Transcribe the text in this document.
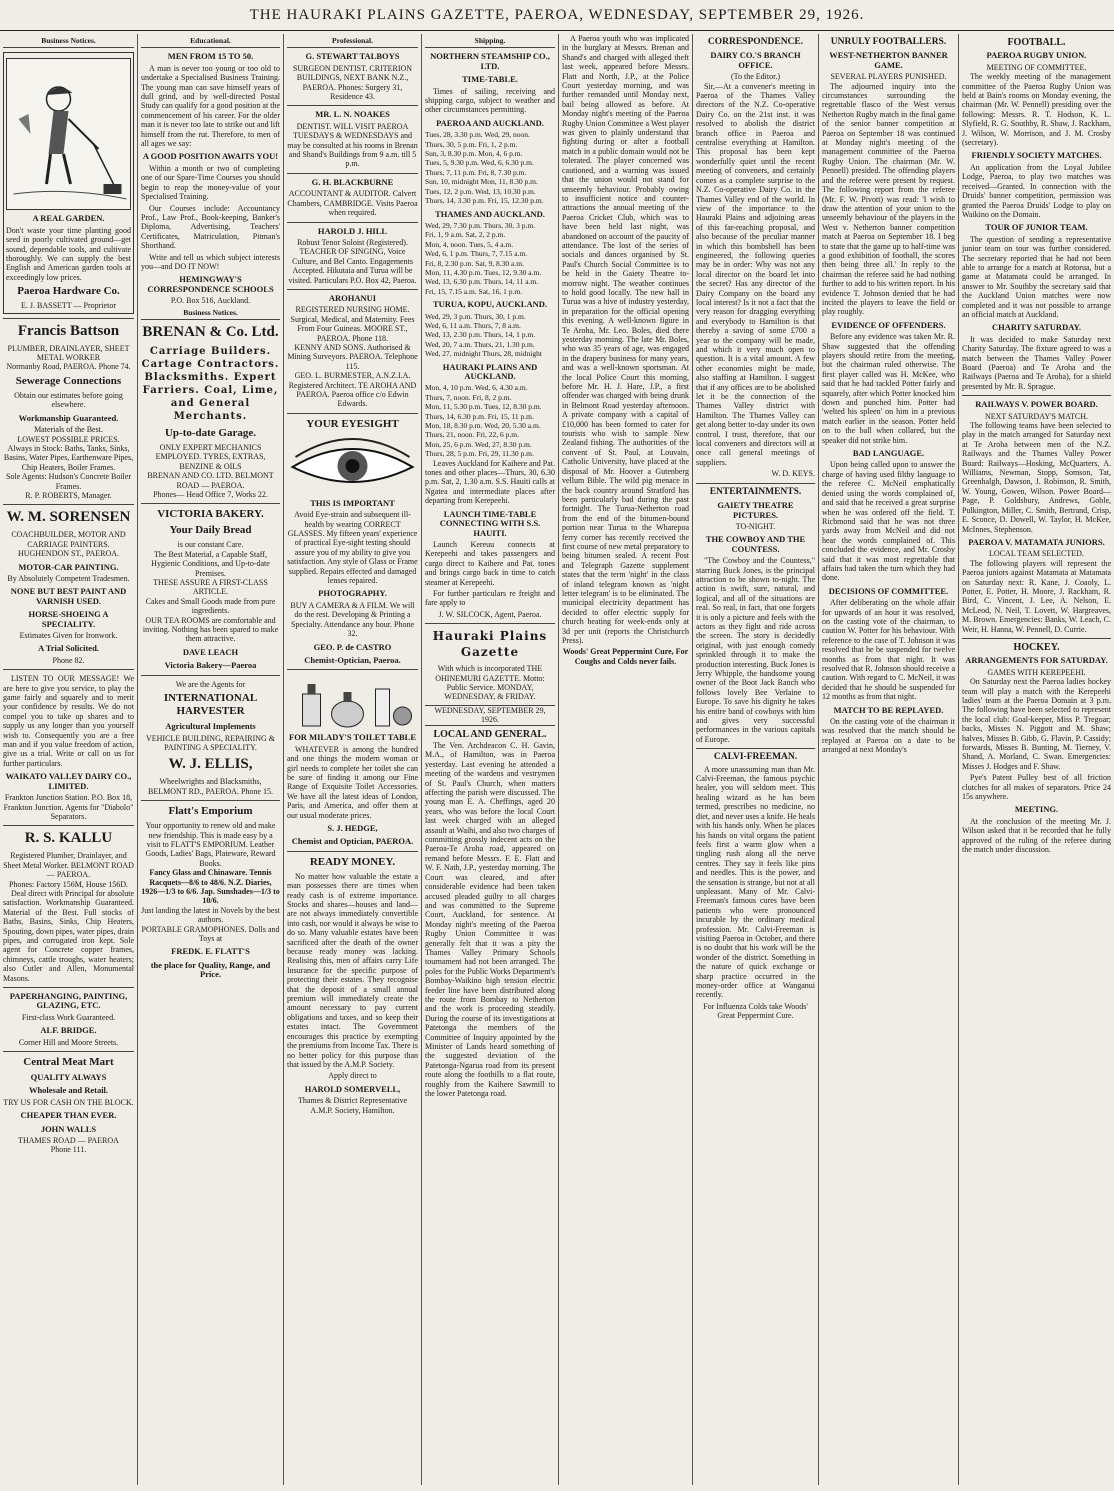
THE HAURAKI PLAINS GAZETTE, PAEROA, WEDNESDAY, SEPTEMBER 29, 1926.
Business Notices.
A REAL GARDEN.
Don't waste your time planting good seed in poorly cultivated ground—get sound, dependable tools, and cultivate thoroughly. We can supply the best English and American garden tools at exceedingly low prices.
Paeroa Hardware Co.
E. J. BASSETT — Proprietor
Francis Battson
PLUMBER, DRAINLAYER, SHEET METAL WORKER
Normanby Road, PAEROA. Phone 74.
Sewerage Connections
Obtain our estimates before going elsewhere.
Workmanship Guaranteed.
Materials of the Best.
LOWEST POSSIBLE PRICES.
Always in Stock: Baths, Tanks, Sinks, Basins, Water Pipes, Earthenware Pipes, Chip Heaters, Boiler Frames.
Sole Agents: Hudson's Concrete Boiler Frames.
R. P. ROBERTS, Manager.
W. M. SORENSEN
COACHBUILDER, MOTOR AND CARRIAGE PAINTERS. HUGHENDON ST., PAEROA.
MOTOR-CAR PAINTING.
By Absolutely Competent Tradesmen.
NONE BUT BEST PAINT AND VARNISH USED.
HORSE-SHOEING A SPECIALITY.
Estimates Given for Ironwork.
A Trial Solicited.
Phone 82.
LISTEN TO OUR MESSAGE! We are here to give you service, to play the game fairly and squarely and to merit your confidence by results. We do not compel you to take up shares and to supply us any longer than you yourself wish to. Consequently you are a free man and if you value freedom of action, give us a trial. Write or call on us for further particulars.
WAIKATO VALLEY DAIRY CO., LIMITED.
Frankton Junction Station. P.O. Box 18, Frankton Junction. Agents for "Diabolo" Separators.
R. S. KALLU
Registered Plumber, Drainlayer, and Sheet Metal Worker. BELMONT ROAD — PAEROA.
Phones: Factory 156M, House 156D.
Deal direct with Principal for absolute satisfaction. Workmanship Guaranteed. Material of the Best. Full stocks of Baths, Basins, Sinks, Chip Heaters, Spouting, down pipes, water pipes, drain pipes, and corrugated iron kept. Sole agent for Concrete copper frames, chimneys, cattle troughs, water heaters; also Cutler and Allen, Monumental Masons.
PAPERHANGING, PAINTING, GLAZING, ETC.
First-class Work Guaranteed.
ALF. BRIDGE.
Corner Hill and Moore Streets.
Central Meat Mart
QUALITY ALWAYS
Wholesale and Retail.
TRY US FOR CASH ON THE BLOCK.
CHEAPER THAN EVER.
JOHN WALLS
THAMES ROAD — PAEROA
Phone 111.
Educational.
MEN FROM 15 TO 50.
A man is never too young or too old to undertake a Specialised Business Training. The young man can save himself years of dull grind, and by well-directed Postal Study can qualify for a good position at the commencement of his career. For the older man it is never too late to strike out and lift himself from the rut. Therefore, to men of all ages we say:
A GOOD POSITION AWAITS YOU!
Within a month or two of completing one of our Spare-Time Courses you should begin to reap the money-value of your Specialised Training.
Our Courses include: Accountancy Prof., Law Prof., Book-keeping, Banker's Diploma, Advertising, Teachers' Certificates, Matriculation, Pitman's Shorthand.
Write and tell us which subject interests you—and DO IT NOW!
HEMINGWAY'S CORRESPONDENCE SCHOOLS
P.O. Box 516, Auckland.
Business Notices.
BRENAN & Co. Ltd.
Carriage Builders. Cartage Contractors. Blacksmiths. Expert Farriers. Coal, Lime, and General Merchants.
Up-to-date Garage.
ONLY EXPERT MECHANICS EMPLOYED. TYRES, EXTRAS, BENZINE & OILS
BRENAN AND CO. LTD. BELMONT ROAD — PAEROA.
Phones— Head Office 7, Works 22.
VICTORIA BAKERY.
Your Daily Bread
is our constant Care.
The Best Material, a Capable Staff, Hygienic Conditions, and Up-to-date Premises.
THESE ASSURE A FIRST-CLASS ARTICLE.
Cakes and Small Goods made from pure ingredients.
OUR TEA ROOMS are comfortable and inviting. Nothing has been spared to make them attractive.
DAVE LEACH
Victoria Bakery—Paeroa
We are the Agents for
INTERNATIONAL HARVESTER
Agricultural Implements
VEHICLE BUILDING, REPAIRING & PAINTING A SPECIALITY.
W. J. ELLIS,
Wheelwrights and Blacksmiths, BELMONT RD., PAEROA. Phone 15.
Flatt's Emporium
Your opportunity to renew old and make new friendship. This is made easy by a visit to FLATT'S EMPORIUM. Leather Goods, Ladies' Bags, Plateware, Reward Books.
Fancy Glass and Chinaware. Tennis Racquets—8/6 to 48/6. N.Z. Diaries, 1926—1/3 to 6/6. Jap. Sunshades—1/3 to 10/6.
Just landing the latest in Novels by the best authors.
PORTABLE GRAMOPHONES. Dolls and Toys at
FREDK. E. FLATT'S
the place for Quality, Range, and Price.
Professional.
G. STEWART TALBOYS
SURGEON DENTIST. CRITERION BUILDINGS, NEXT BANK N.Z., PAEROA. Phones: Surgery 31, Residence 43.
MR. L. N. NOAKES
DENTIST. WILL VISIT PAEROA TUESDAYS & WEDNESDAYS and may be consulted at his rooms in Brenan and Shand's Buildings from 9 a.m. till 5 p.m.
G. H. BLACKBURNE
ACCOUNTANT & AUDITOR. Calvert Chambers, CAMBRIDGE. Visits Paeroa when required.
HAROLD J. HILL
Robust Tenor Soloist (Registered). TEACHER OF SINGING, Voice Culture, and Bel Canto. Engagements Accepted. Hikutaia and Turua will be visited. Particulars P.O. Box 42, Paeroa.
AROHANUI
REGISTERED NURSING HOME. Surgical, Medical, and Maternity. Fees From Four Guineas. MOORE ST., PAEROA. Phone 118.
KENNY AND SONS. Authorised & Mining Surveyors. PAEROA. Telephone 115.
GEO. L. BURMESTER, A.N.Z.I.A. Registered Architect. TE AROHA AND PAEROA. Paeroa office c/o Edwin Edwards.
YOUR EYESIGHT
THIS IS IMPORTANT
Avoid Eye-strain and subsequent ill-health by wearing CORRECT GLASSES. My fifteen years' experience of practical Eye-sight testing should assure you of my ability to give you satisfaction. Any style of Glass or Frame supplied. Repairs effected and damaged lenses repaired.
PHOTOGRAPHY.
BUY A CAMERA & A FILM. We will do the rest. Developing & Printing a Specialty. Attendance any hour. Phone 32.
GEO. P. de CASTRO
Chemist-Optician, Paeroa.
FOR MILADY'S TOILET TABLE
WHATEVER is among the hundred and one things the modern woman or girl needs to complete her toilet she can be sure of finding it among our Fine Range of Exquisite Toilet Accessories. We have all the latest ideas of London, Paris, and America, and offer them at our usual moderate prices.
S. J. HEDGE,
Chemist and Optician, PAEROA.
READY MONEY.
No matter how valuable the estate a man possesses there are times when ready cash is of extreme importance. Stocks and shares—houses and land—are not always immediately convertible into cash, nor would it always be wise to do so. Many valuable estates have been sacrificed after the death of the owner because ready money was lacking. Realising this, men of affairs carry Life Insurance for the specific purpose of protecting their estates. They recognise that the deposit of a small annual premium will immediately create the amount necessary to pay current obligations and taxes, and so keep their estates intact. The Government encourages this practice by exempting the premiums from Income Tax. There is no better policy for this purpose than that issued by the A.M.P. Society.
Apply direct to
HAROLD SOMERVELL,
Thames & District Representative A.M.P. Society, Hamilton.
Shipping.
NORTHERN STEAMSHIP CO., LTD.
TIME-TABLE.
Times of sailing, receiving and shipping cargo, subject to weather and other circumstances permitting.
PAEROA AND AUCKLAND.
Tues, 28, 3.30 p.m. Wed, 29, noon.
Thurs, 30, 5 p.m. Fri, 1, 2 p.m.
Sun, 3, 8.30 p.m. Mon, 4, 6 p.m.
Tues, 5, 9.30 p.m. Wed, 6, 6.30 p.m.
Thurs, 7, 11 p.m. Fri, 8, 7.30 p.m.
Sun, 10, midnight Mon, 11, 8.30 p.m.
Tues, 12, 2 p.m. Wed, 13, 10.30 p.m.
Thurs, 14, 3.30 p.m. Fri, 15, 12.30 p.m.
THAMES AND AUCKLAND.
Wed, 29, 7.30 p.m. Thurs, 30, 3 p.m.
Fri, 1, 9 a.m. Sat, 2, 2 p.m.
Mon, 4, noon. Tues, 5, 4 a.m.
Wed, 6, 1 p.m. Thurs, 7, 7.15 a.m.
Fri, 8, 2.30 p.m. Sat, 9, 8.30 a.m.
Mon, 11, 4.30 p.m. Tues, 12, 9.30 a.m.
Wed, 13, 6.30 p.m. Thurs, 14, 11 a.m.
Fri, 15, 7.15 a.m. Sat, 16, 1 p.m.
TURUA, KOPU, AUCKLAND.
Wed, 29, 3 p.m. Thurs, 30, 1 p.m.
Wed, 6, 11 a.m. Thurs, 7, 8 a.m.
Wed, 13, 2.30 p.m. Thurs, 14, 1 p.m.
Wed, 20, 7 a.m. Thurs, 21, 1.30 p.m.
Wed, 27, midnight Thurs, 28, midnight
HAURAKI PLAINS AND AUCKLAND.
Mon, 4, 10 p.m. Wed, 6, 4.30 a.m.
Thurs, 7, noon. Fri, 8, 2 p.m.
Mon, 11, 5.30 p.m. Tues, 12, 8.30 p.m.
Thurs, 14, 6.30 p.m. Fri, 15, 11 p.m.
Mon, 18, 8.30 p.m. Wed, 20, 5.30 a.m.
Thurs, 21, noon. Fri, 22, 6 p.m.
Mon, 25, 6 p.m. Wed, 27, 8.30 p.m.
Thurs, 28, 5 p.m. Fri, 29, 11.30 p.m.
Leaves Auckland for Kaihere and Pat. tones and other places—Thurs, 30, 6.30 p.m. Sat, 2, 1.30 a.m. S.S. Hauiti calls at Ngatea and intermediate places after departing from Kerepeehi.
LAUNCH TIME-TABLE CONNECTING WITH S.S. HAUITI.
Launch Kereuu connects at Kerepeehi and takes passengers and cargo direct to Kaihere and Pat. tones and brings cargo back in time to catch steamer at Kerepeehi.
For further particulars re freight and fare apply to
J. W. SILCOCK, Agent, Paeroa.
Hauraki Plains Gazette
With which is incorporated THE OHINEMURI GAZETTE. Motto: Public Service. MONDAY, WEDNESDAY, & FRIDAY.
WEDNESDAY, SEPTEMBER 29, 1926.
LOCAL AND GENERAL.
The Ven. Archdeacon C. H. Gavin, M.A., of Hamilton, was in Paeroa yesterday. Last evening he attended a meeting of the wardens and vestrymen of St. Paul's Church, when matters affecting the parish were discussed. The young man E. A. Cheffings, aged 20 years, who was before the local Court last week charged with an alleged assault at Waihi, and also two charges of committing grossly indecent acts on the Paeroa-Te Aroha road, appeared on remand before Messrs. F. E. Flatt and W. F. Nath, J.P., yesterday morning. The Court was cleared, and after considerable evidence had been taken accused pleaded guilty to all charges and was committed to the Supreme Court, Auckland, for sentence. At Monday night's meeting of the Paeroa Rugby Union Committee it was generally felt that it was a pity the Thames Valley Primary Schools tournament had not been arranged. The poles for the Public Works Department's Bombay-Waikino high tension electric feeder line have been distributed along the route from Bombay to Netherton and the work is proceeding steadily. During the course of its investigations at Patetonga the members of the Committee of Inquiry appointed by the Minister of Lands heard something of the suggested deviation of the Patetonga-Ngarua road from its present route along the foothills to a flat route, roughly from the Kaihere Sawmill to the lower Patetonga road.
A Paeroa youth who was implicated in the burglary at Messrs. Brenan and Shand's and charged with alleged theft last week, appeared before Messrs. Flatt and North, J.P., at the Police Court yesterday morning, and was further remanded until Monday next, bail being allowed as before. At Monday night's meeting of the Paeroa Rugby Union Committee a West player was given to plainly understand that fighting during or after a football match in a public domain would not be tolerated. The player concerned was cautioned, and a warning was issued that the union would not stand for unseemly behaviour. Probably owing to insufficient notice and counter-attractions the annual meeting of the Paeroa Cricket Club, which was to have been held last night, was abandoned on account of the paucity of attendance. The lost of the series of socials and dances organised by St. Paul's Church Social Committee is to be held in the Gaiety Theatre to-morrow night. The weather continues to hold good locally. The new hall in Turua was a hive of industry yesterday, in preparation for the official opening this evening. A well-known figure in Te Aroha, Mr. Leo. Boles, died there yesterday morning. The late Mr. Boles, who was 35 years of age, was engaged in the drapery business for many years, and was a well-known sportsman. At the local Police Court this morning, before Mr. H. J. Hare, J.P., a first offender was charged with being drunk in Belmont Road yesterday afternoon. A private company with a capital of £10,000 has been formed to cater for tourists who wish to sample New Zealand fishing. The authorities of the convent of St. Paul, at Louvain, Catholic University, have placed at the disposal of Mr. Hoover a Gutenberg vellum Bible. The wild pig menace in the back country around Stratford has been particularly bad during the past fortnight. The Turua-Netherton road from the end of the bitumen-bound portion near Turua to the Wharepoa ferry corner has recently received the first course of new metal preparatory to being bitumen sealed. A recent Post and Telegraph Gazette supplement states that the term 'night' in the class of inland telegram known as 'night letter telegram' is to be eliminated. The municipal electricity department has decided to offer electric supply for church heating for week-ends only at 3d per unit (reports the Christchurch Press).
Woods' Great Peppermint Cure, For Coughs and Colds never fails.
CORRESPONDENCE.
DAIRY CO.'S BRANCH OFFICE.
(To the Editor.)
Sir,—At a convener's meeting in Paeroa of the Thames Valley directors of the N.Z. Co-operative Dairy Co. on the 21st inst. it was resolved to abolish the district branch office in Paeroa and centralise everything at Hamilton. This proposal has been kept wonderfully quiet until the recent meeting of conveners, and certainly comes as a complete surprise to the N.Z. Co-operative Dairy Co. in the Thames Valley end of the world. In view of the importance to the Hauraki Plains and adjoining areas of this far-reaching proposal, and also because of the peculiar manner in which this bombshell has been engineered, the following queries may be in order: Why was not any local director on the board let into the secret? Has any director of the Dairy Company on the board any local interest? Is it not a fact that the very reason for dragging everything and everybody to Hamilton is that thereby a saving of some £700 a year to the company will be made, and which it very much open to question. It is a vital amount. A few other economies might be made, also staffing at Hamilton. I suggest that if any offices are to be abolished let it be the connection of the Thames Valley district with Hamilton. The Thames Valley can get along better to-day under its own control. I trust, therefore, that our local conveners and directors will at once call general meetings of suppliers.
W. D. KEYS.
ENTERTAINMENTS.
GAIETY THEATRE PICTURES.
TO-NIGHT.
THE COWBOY AND THE COUNTESS.
"The Cowboy and the Countess," starring Buck Jones, is the principal attraction to be shown to-night. The action is swift, sure, natural, and logical, and all of the situations are real. So real, in fact, that one forgets it is only a picture and feels with the actors as they fight and ride across the screen. The story is decidedly original, with just enough comedy sprinkled through it to make the production interesting. Buck Jones is Jerry Whipple, the handsome young owner of the Boot Jack Ranch who follows lovely Bee Verlaine to Europe. To save his dignity he takes his entire band of cowboys with him and gives very successful performances in the various capitals of Europe.
CALVI-FREEMAN.
A more unassuming man than Mr. Calvi-Freeman, the famous psychic healer, you will seldom meet. This healing wizard as he has been termed, prescribes no medicine, no diet, and never uses a knife. He heals with his hands only. When he places his hands on vital organs the patient feels first a warm glow when a tingling rush along all the nerve centres. They say it feels like pins and needles. This is the power, and the sensation is strange, but not at all unpleasant. Many of Mr. Calvi-Freeman's famous cures have been patients who were pronounced incurable by the ordinary medical profession. Mr. Calvi-Freeman is visiting Paeroa in October, and there is no doubt that his work will be the wonder of the district. Something in the nature of quick exchange or sharp practice occurred in the money-order office at Wanganui recently.
For Influenza Colds take Woods' Great Peppermint Cure.
UNRULY FOOTBALLERS.
WEST-NETHERTON BANNER GAME.
SEVERAL PLAYERS PUNISHED.
The adjourned inquiry into the circumstances surrounding the regrettable flasco of the West versus Netherton Rugby match in the final game of the senior banner competition at Paeroa on September 18 was continued at Monday night's meeting of the management committee of the Paeroa Rugby Union. The chairman (Mr. W. Pennell) presided. The offending players and the referee were present by request. The following report from the referee (Mr. F. W. Pivott) was read: 'I wish to draw the attention of your union to the unseemly behaviour of the players in the West v. Netherton banner competition match at Paeroa on September 18. I beg to state that the game up to half-time was a good exhibition of football, the scores then being three all.' In reply to the chairman the referee said he had nothing further to add to his written report. In his evidence T. Johnson denied that he had incited the players to leave the field or play roughly.
EVIDENCE OF OFFENDERS.
Before any evidence was taken Mr. R. Shaw suggested that the offending players should retire from the meeting, but the chairman ruled otherwise. The first player called was H. McKee, who said that he had tackled Potter fairly and squarely, after which Potter knocked him down and punched him. Potter had 'welted his spleen' on him in a previous match earlier in the season. Potter held on to the ball when collared, but the speaker did not strike him.
BAD LANGUAGE.
Upon being called upon to answer the charge of having used filthy language to the referee C. McNeil emphatically denied using the words complained of, and said that he received a great surprise when he was ordered off the field. T. Richmond said that he was not three yards away from McNeil and did not hear the words complained of. This concluded the evidence, and Mr. Crosby said that it was most regrettable that affairs had taken the turn which they had done.
DECISIONS OF COMMITTEE.
After deliberating on the whole affair for upwards of an hour it was resolved, on the casting vote of the chairman, to caution W. Potter for his behaviour. With reference to the case of T. Johnson it was resolved that he be suspended for twelve months as from that night. It was resolved that R. Johnson should receive a caution. With regard to C. McNeil, it was decided that he should be suspended for 12 months as from that night.
MATCH TO BE REPLAYED.
On the casting vote of the chairman it was resolved that the match should be replayed at Paeroa on a date to be arranged at next Monday's
FOOTBALL.
PAEROA RUGBY UNION.
MEETING OF COMMITTEE.
The weekly meeting of the management committee of the Paeroa Rugby Union was held at Bain's rooms on Monday evening, the chairman (Mr. W. Pennell) presiding over the following: Messrs. R. T. Hodson, K. L. Slyfield, R. G. Southby, R. Shaw, J. Rackham, J. Wilson, W. Morrison, and J. M. Crosby (secretary).
FRIENDLY SOCIETY MATCHES.
An application from the Loyal Jubilee Lodge, Paeroa, to play two matches was received—Granted. In connection with the Druids' banner competition, permission was granted the Paeroa Druids' Lodge to play on Waikino on the Domain.
TOUR OF JUNIOR TEAM.
The question of sending a representative junior team on tour was further considered. The secretary reported that he had not been able to arrange for a match at Rotorua, but a game at Matamata could be arranged. In answer to Mr. Southby the secretary said that the Auckland Union matches were now completed and it was not possible to arrange an official match at Auckland.
CHARITY SATURDAY.
It was decided to make Saturday next Charity Saturday. The fixture agreed to was a match between the Thames Valley Power Board (Paeroa) and Te Aroha and the Railways (Paeroa and Te Aroha), for a shield presented by Mr. R. Sprague.
RAILWAYS V. POWER BOARD.
NEXT SATURDAY'S MATCH.
The following teams have been selected to play in the match arranged for Saturday next at Te Aroha between men of the N.Z. Railways and the Thames Valley Power Board: Railways—Hosking, McQuarters, A. Williams, Newman, Stopp, Somson, Tat, Greenhalgh, Dawson, J. Robinson, R. Smith, W. Young, Gowen, Wilson. Power Board—Page, P. Goldsbury, Andrews, Goble, Pulkington, Miller, C. Smith, Bertrand, Crisp, E. Sconce, D. Dowell, W. Taylor, H. McKee, McInnes, Stephenson.
PAEROA V. MATAMATA JUNIORS.
LOCAL TEAM SELECTED.
The following players will represent the Paeroa juniors against Matamata at Matamata on Saturday next: R. Kane, J. Coaoly, L. Potter, E. Potter, H. Moore, J. Rackham, R. Bird, C. Vincent, J. Lee, A. Nelson, E. McLeod, N. Neil, T. Lovett, W. Hargreaves, M. Brown. Emergencies: Banks, W. Leach, C. Weir, H. Hanna, W. Pennell, D. Currie.
HOCKEY.
ARRANGEMENTS FOR SATURDAY.
GAMES WITH KEREPEEHI.
On Saturday next the Paeroa ladies hockey team will play a match with the Kerepeehi ladies' team at the Paeroa Domain at 3 p.m. The following have been selected to represent the local club: Goal-keeper, Miss P. Tregoar; backs, Misses N. Piggott and M. Shaw; halves, Misses B. Gibb, G. Flavin, P. Cassidy; forwards, Misses B. Bunting, M. Tierney, V. Shand, A. Morland, C. Swan. Emergencies: Misses J. Hodges and F. Shaw.
Pye's Patent Pulley best of all friction clutches for all makes of separators. Price 24 15s anywhere.
MEETING.
At the conclusion of the meeting Mr. J. Wilson asked that it be recorded that he fully approved of the ruling of the referee during the match under discussion.
